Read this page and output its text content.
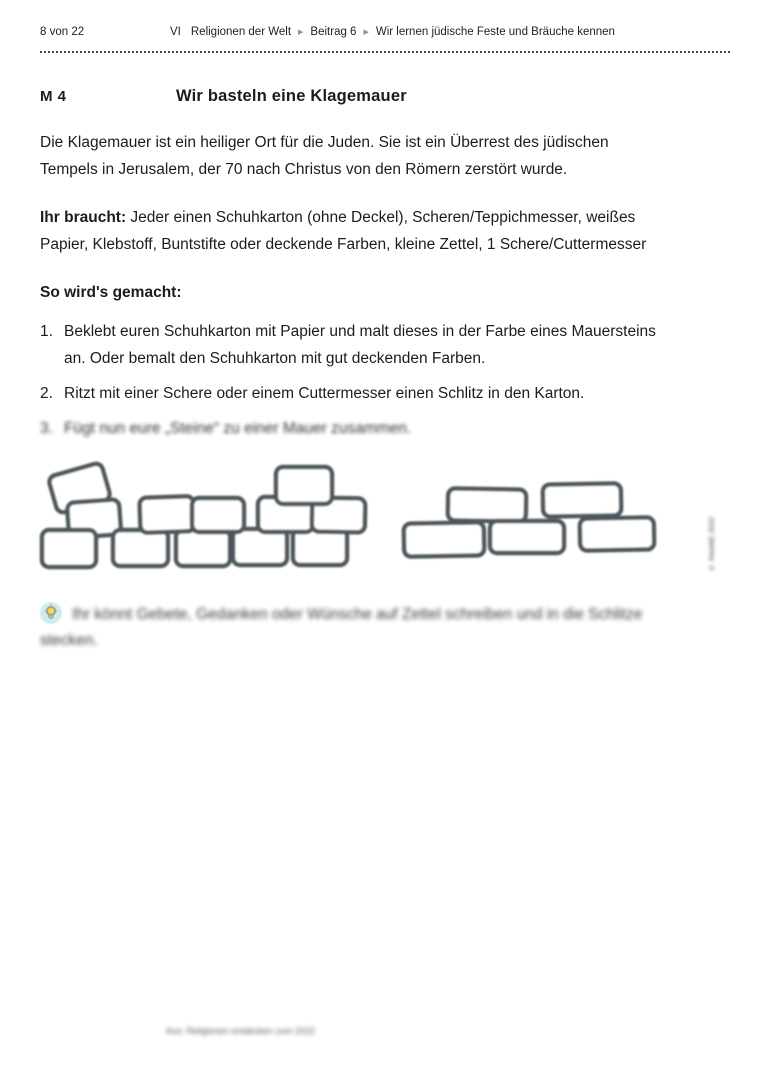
8 von 22	VI Religionen der Welt ▶ Beitrag 6 ▶ Wir lernen jüdische Feste und Bräuche kennen
M 4	Wir basteln eine Klagemauer

Die Klagemauer ist ein heiliger Ort für die Juden. Sie ist ein Überrest des jüdischen Tempels in Jerusalem, der 70 nach Christus von den Römern zerstört wurde.

Ihr braucht: Jeder einen Schuhkarton (ohne Deckel), Scheren/Teppichmesser, weißes Papier, Klebstoff, Buntstifte oder deckende Farben, kleine Zettel, 1 Schere/Cuttermesser

So wird's gemacht:

1. Beklebt euren Schuhkarton mit Papier und malt dieses in der Farbe eines Mauersteins an. Oder bemalt den Schuhkarton mit gut deckenden Farben.
2. Ritzt mit einer Schere oder einem Cuttermesser einen Schlitz in den Karton.
3. Fügt nun eure „Steine“ zu einer Mauer zusammen.
© RAABE 2022
Ihr könnt Gebete, Gedanken oder Wünsche auf Zettel schreiben und in die Schlitze stecken.
Aus: Religionen entdecken zum 2022
